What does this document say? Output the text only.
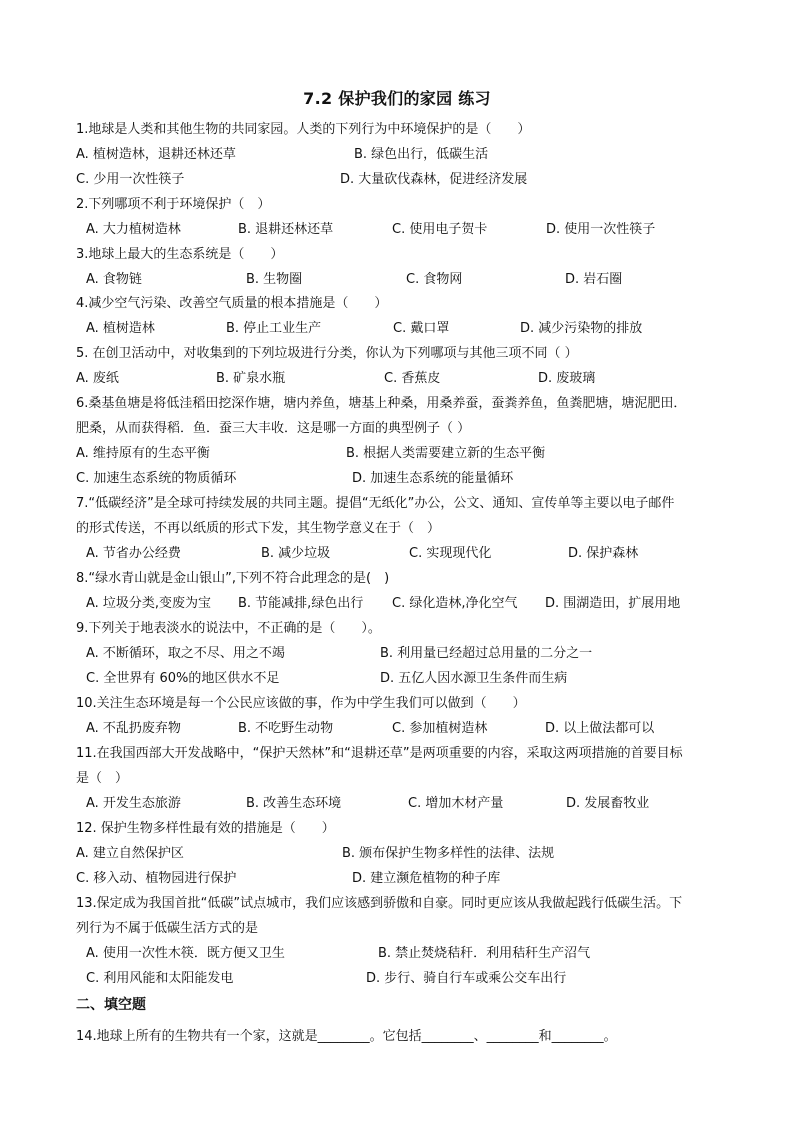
7.2 保护我们的家园 练习
1.地球是人类和其他生物的共同家园。人类的下列行为中环境保护的是（　　）
A. 植树造林，退耕还林还草	B. 绿色出行，低碳生活
C. 少用一次性筷子	D. 大量砍伐森林，促进经济发展
2.下列哪项不利于环境保护（　）
A. 大力植树造林	B. 退耕还林还草	C. 使用电子贺卡	D. 使用一次性筷子
3.地球上最大的生态系统是（　　）
A. 食物链	B. 生物圈	C. 食物网	D. 岩石圈
4.减少空气污染、改善空气质量的根本措施是（　　）
A. 植树造林	B. 停止工业生产	C. 戴口罩	D. 减少污染物的排放
5. 在创卫活动中，对收集到的下列垃圾进行分类，你认为下列哪项与其他三项不同（ ）
A. 废纸	B. 矿泉水瓶	C. 香蕉皮	D. 废玻璃
6.桑基鱼塘是将低洼稻田挖深作塘，塘内养鱼，塘基上种桑，用桑养蚕，蚕粪养鱼，鱼粪肥塘，塘泥肥田．
肥桑，从而获得稻．鱼．蚕三大丰收．这是哪一方面的典型例子（ ）
A. 维持原有的生态平衡	B. 根据人类需要建立新的生态平衡
C. 加速生态系统的物质循环	D. 加速生态系统的能量循环
7.“低碳经济”是全球可持续发展的共同主题。提倡“无纸化”办公，公文、通知、宣传单等主要以电子邮件
的形式传送，不再以纸质的形式下发，其生物学意义在于（　）
A. 节省办公经费	B. 减少垃圾	C. 实现现代化	D. 保护森林
8.“绿水青山就是金山银山”,下列不符合此理念的是(　)
A. 垃圾分类,变废为宝 B. 节能减排,绿色出行 C. 绿化造林,净化空气 D. 围湖造田，扩展用地
9.下列关于地表淡水的说法中，不正确的是（　　）。
A. 不断循环，取之不尽、用之不竭	B. 利用量已经超过总用量的二分之一
C. 全世界有 60%的地区供水不足	D. 五亿人因水源卫生条件而生病
10.关注生态环境是每一个公民应该做的事，作为中学生我们可以做到（　　）
A. 不乱扔废弃物	B. 不吃野生动物	C. 参加植树造林	D. 以上做法都可以
11.在我国西部大开发战略中，“保护天然林”和“退耕还草”是两项重要的内容，采取这两项措施的首要目标
是（　）
A. 开发生态旅游	B. 改善生态环境	C. 增加木材产量	D. 发展畜牧业
12. 保护生物多样性最有效的措施是（　　）
A. 建立自然保护区	B. 颁布保护生物多样性的法律、法规
C. 移入动、植物园进行保护	D. 建立濒危植物的种子库
13.保定成为我国首批“低碳”试点城市，我们应该感到骄傲和自豪。同时更应该从我做起践行低碳生活。下
列行为不属于低碳生活方式的是
A. 使用一次性木筷．既方便又卫生	B. 禁止焚烧秸秆．利用秸秆生产沼气
C. 利用风能和太阳能发电	D. 步行、骑自行车或乘公交车出行
二、填空题
14.地球上所有的生物共有一个家，这就是________。它包括________、________和________。
